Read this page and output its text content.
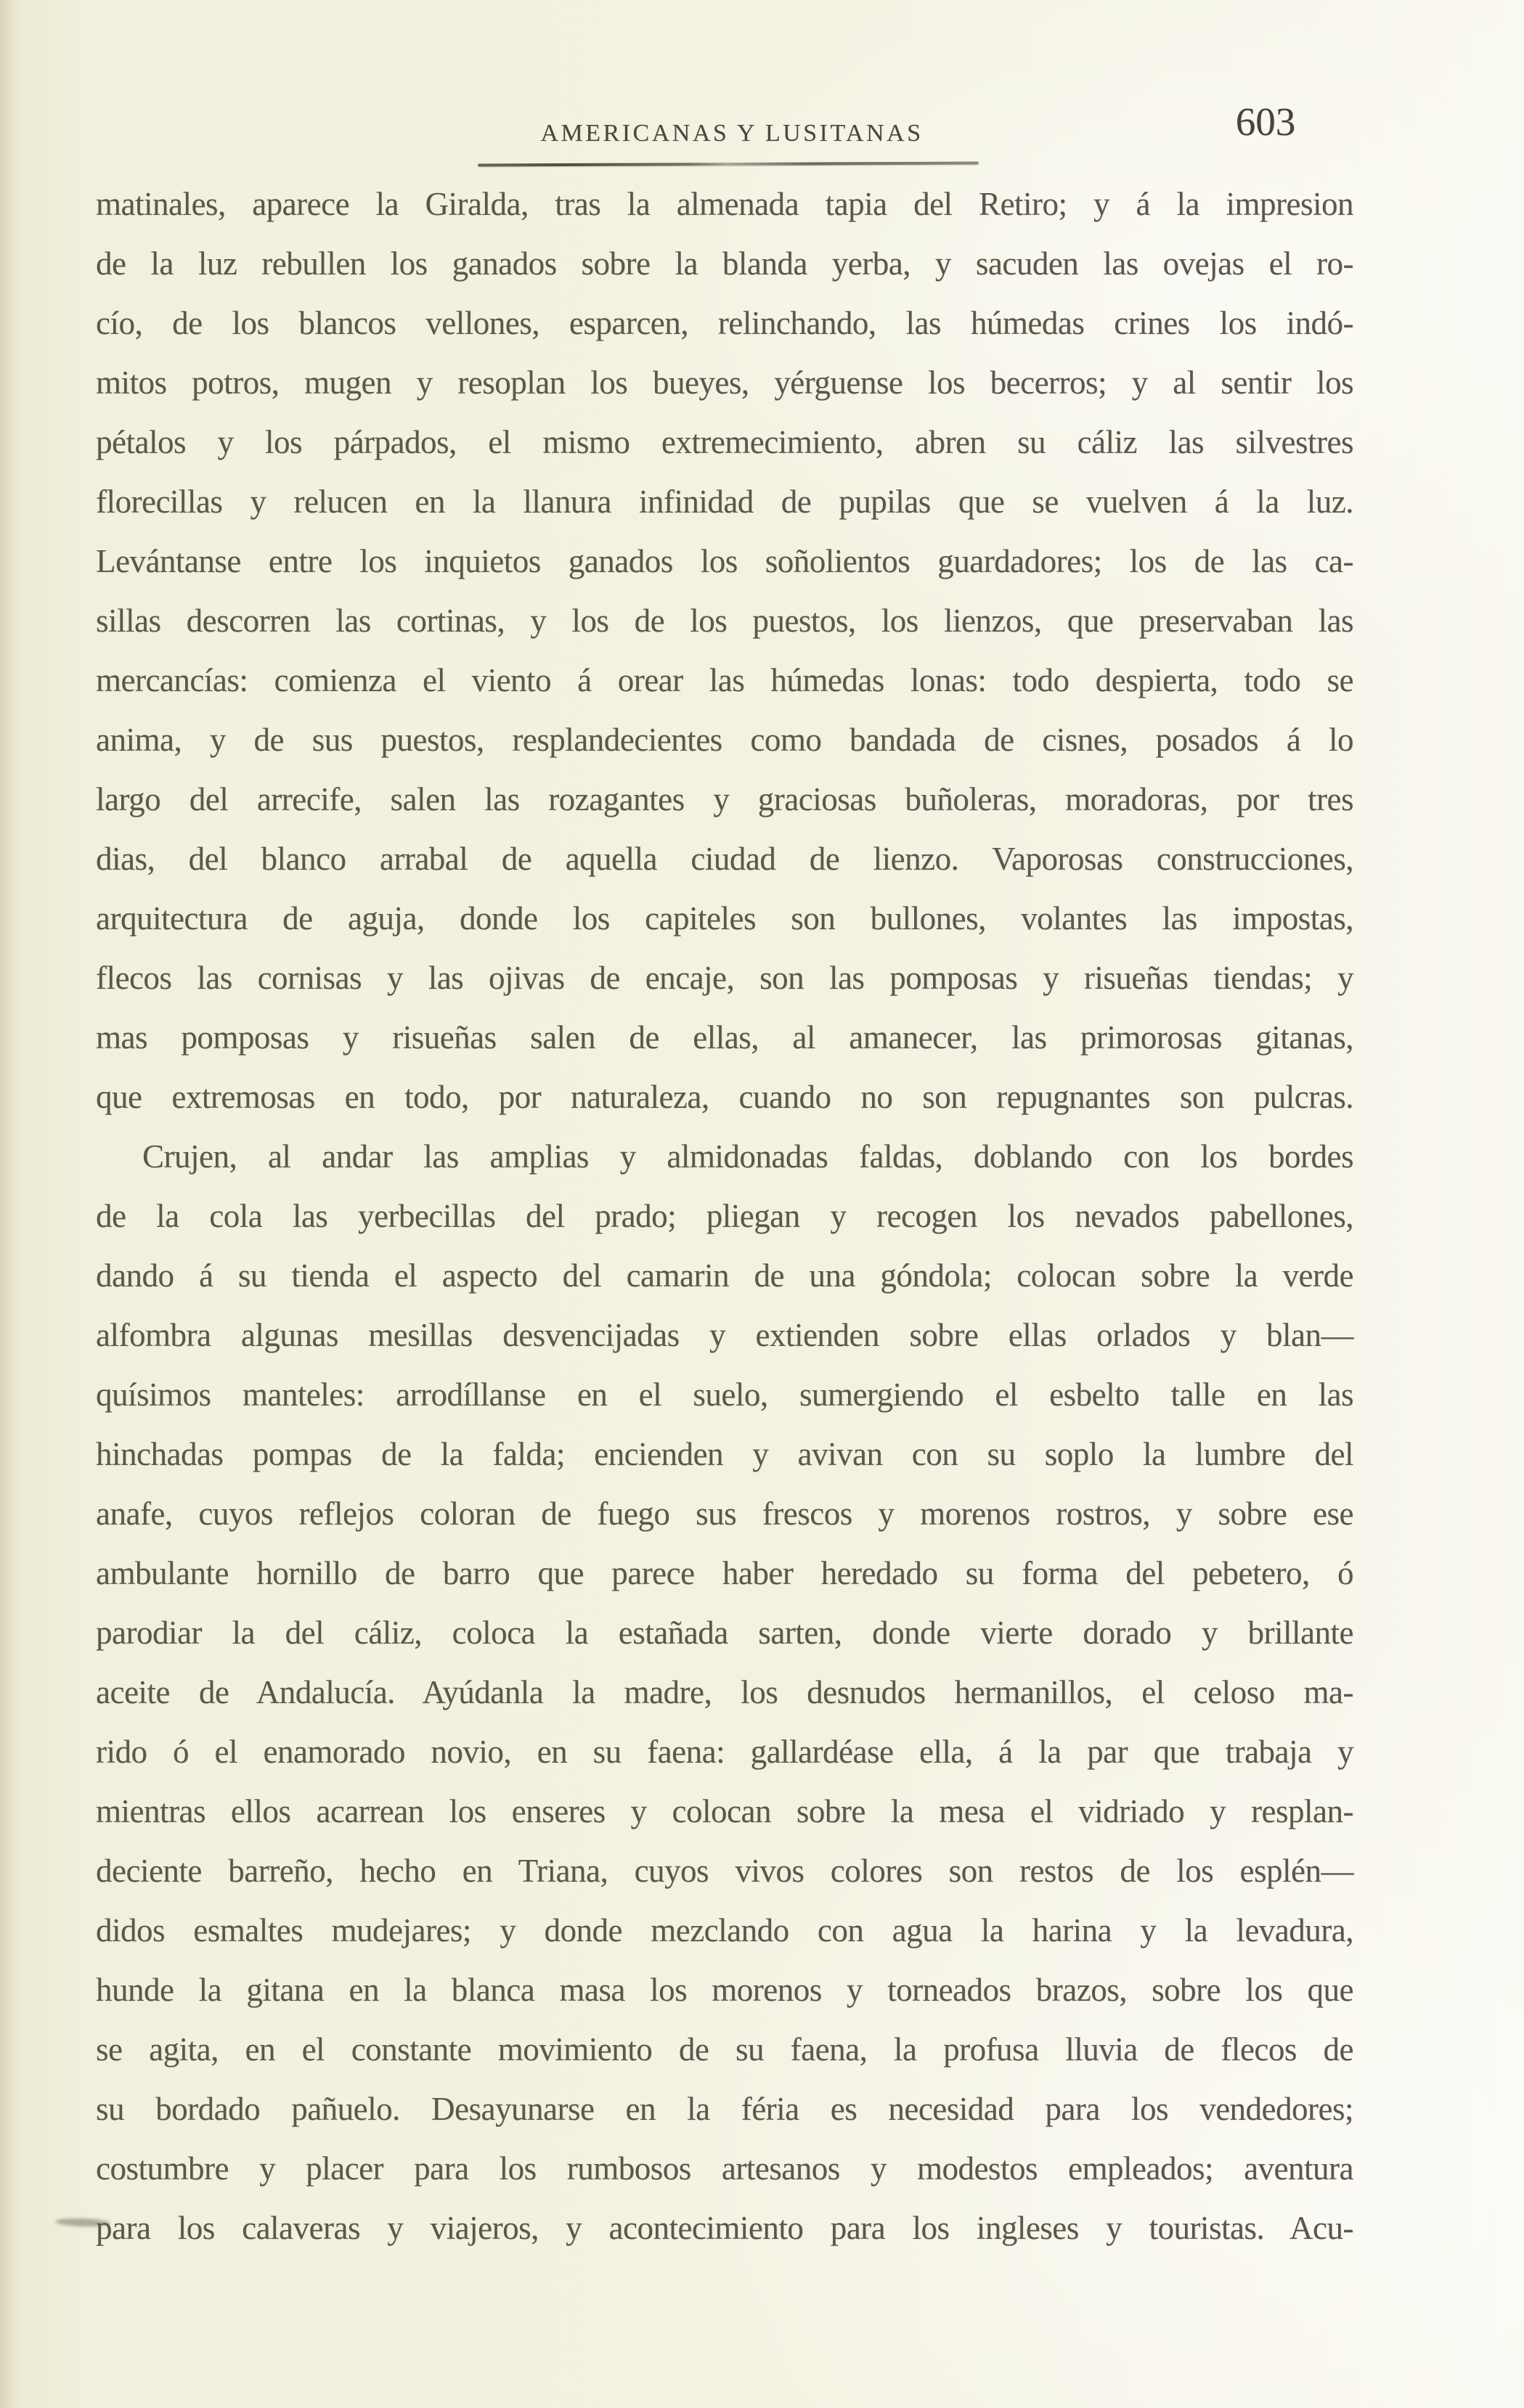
AMERICANAS Y LUSITANAS	603
matinales, aparece la Giralda, tras la almenada tapia del Retiro; y á la impresion
de la luz rebullen los ganados sobre la blanda yerba, y sacuden las ovejas el ro-
cío, de los blancos vellones, esparcen, relinchando, las húmedas crines los indó-
mitos potros, mugen y resoplan los bueyes, yérguense los becerros; y al sentir los
pétalos y los párpados, el mismo extremecimiento, abren su cáliz las silvestres
florecillas y relucen en la llanura infinidad de pupilas que se vuelven á la luz.
Levántanse entre los inquietos ganados los soñolientos guardadores; los de las ca-
sillas descorren las cortinas, y los de los puestos, los lienzos, que preservaban las
mercancías: comienza el viento á orear las húmedas lonas: todo despierta, todo se
anima, y de sus puestos, resplandecientes como bandada de cisnes, posados á lo
largo del arrecife, salen las rozagantes y graciosas buñoleras, moradoras, por tres
dias, del blanco arrabal de aquella ciudad de lienzo. Vaporosas construcciones,
arquitectura de aguja, donde los capiteles son bullones, volantes las impostas,
flecos las cornisas y las ojivas de encaje, son las pomposas y risueñas tiendas; y
mas pomposas y risueñas salen de ellas, al amanecer, las primorosas gitanas,
que extremosas en todo, por naturaleza, cuando no son repugnantes son pulcras.
Crujen, al andar las amplias y almidonadas faldas, doblando con los bordes
de la cola las yerbecillas del prado; pliegan y recogen los nevados pabellones,
dando á su tienda el aspecto del camarin de una góndola; colocan sobre la verde
alfombra algunas mesillas desvencijadas y extienden sobre ellas orlados y blan—
quísimos manteles: arrodíllanse en el suelo, sumergiendo el esbelto talle en las
hinchadas pompas de la falda; encienden y avivan con su soplo la lumbre del
anafe, cuyos reflejos coloran de fuego sus frescos y morenos rostros, y sobre ese
ambulante hornillo de barro que parece haber heredado su forma del pebetero, ó
parodiar la del cáliz, coloca la estañada sarten, donde vierte dorado y brillante
aceite de Andalucía. Ayúdanla la madre, los desnudos hermanillos, el celoso ma-
rido ó el enamorado novio, en su faena: gallardéase ella, á la par que trabaja y
mientras ellos acarrean los enseres y colocan sobre la mesa el vidriado y resplan-
deciente barreño, hecho en Triana, cuyos vivos colores son restos de los esplén—
didos esmaltes mudejares; y donde mezclando con agua la harina y la levadura,
hunde la gitana en la blanca masa los morenos y torneados brazos, sobre los que
se agita, en el constante movimiento de su faena, la profusa lluvia de flecos de
su bordado pañuelo. Desayunarse en la féria es necesidad para los vendedores;
costumbre y placer para los rumbosos artesanos y modestos empleados; aventura
para los calaveras y viajeros, y acontecimiento para los ingleses y touristas. Acu-
